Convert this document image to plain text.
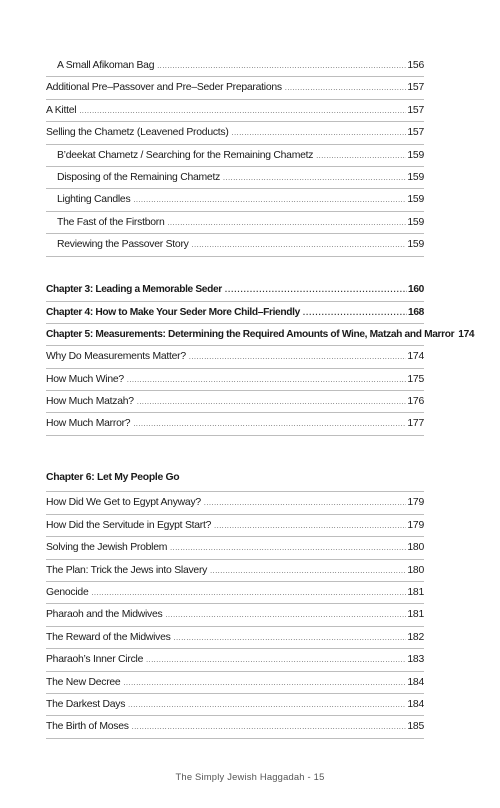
A Small Afikoman Bag .....	156
Additional Pre–Passover and Pre–Seder Preparations .....	157
A Kittel .....	157
Selling the Chametz (Leavened Products) .....	157
B’deekat Chametz / Searching for the Remaining Chametz .....	159
Disposing of the Remaining Chametz .....	159
Lighting Candles .....	159
The Fast of the Firstborn .....	159
Reviewing the Passover Story .....	159
Chapter 3: Leading a Memorable Seder .....	160
Chapter 4: How to Make Your Seder More Child–Friendly .....	168
Chapter 5: Measurements: Determining the Required Amounts of Wine, Matzah and Marror 174
Why Do Measurements Matter? .....	174
How Much Wine? .....	175
How Much Matzah? .....	176
How Much Marror? .....	177
Chapter 6: Let My People Go
How Did We Get to Egypt Anyway? .....	179
How Did the Servitude in Egypt Start? .....	179
Solving the Jewish Problem .....	180
The Plan: Trick the Jews into Slavery .....	180
Genocide .....	181
Pharaoh and the Midwives .....	181
The Reward of the Midwives .....	182
Pharaoh’s Inner Circle .....	183
The New Decree .....	184
The Darkest Days .....	184
The Birth of Moses .....	185
The Simply Jewish Haggadah - 15
